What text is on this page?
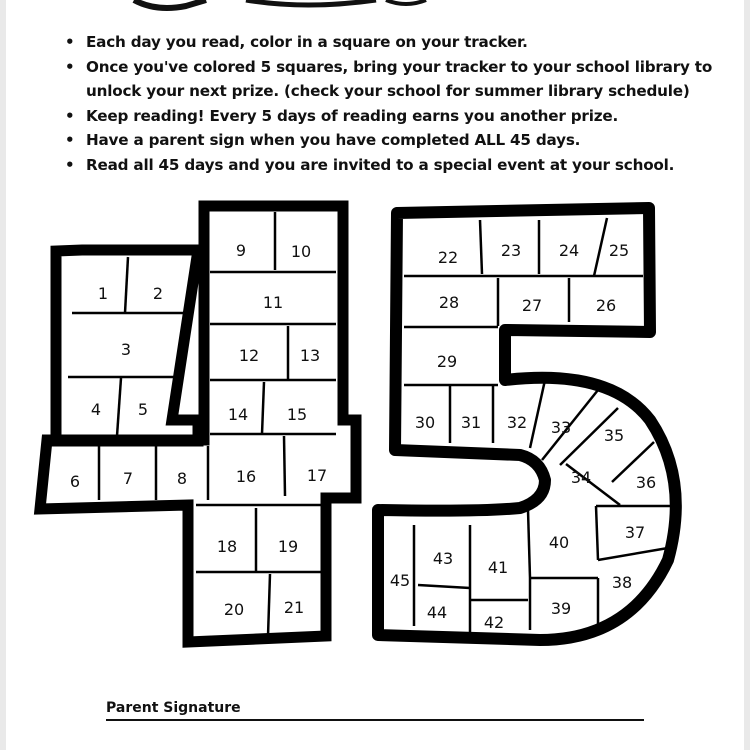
• Each day you read, color in a square on your tracker.
• Once you've colored 5 squares, bring your tracker to your school library to
unlock your next prize. (check your school for summer library schedule)
• Keep reading! Every 5 days of reading earns you another prize.
• Have a parent sign when you have completed ALL 45 days.
• Read all 45 days and you are invited to a special event at your school.
1	2
3
4 5
6	7	8
9	10
11
12	13
14 15
16	17
18	19
20 21
22	23 24 25
28	27	26
29
30 31 32 33 35
34	36
37
38
40
39
41
42
43
44
45
Parent Signature
